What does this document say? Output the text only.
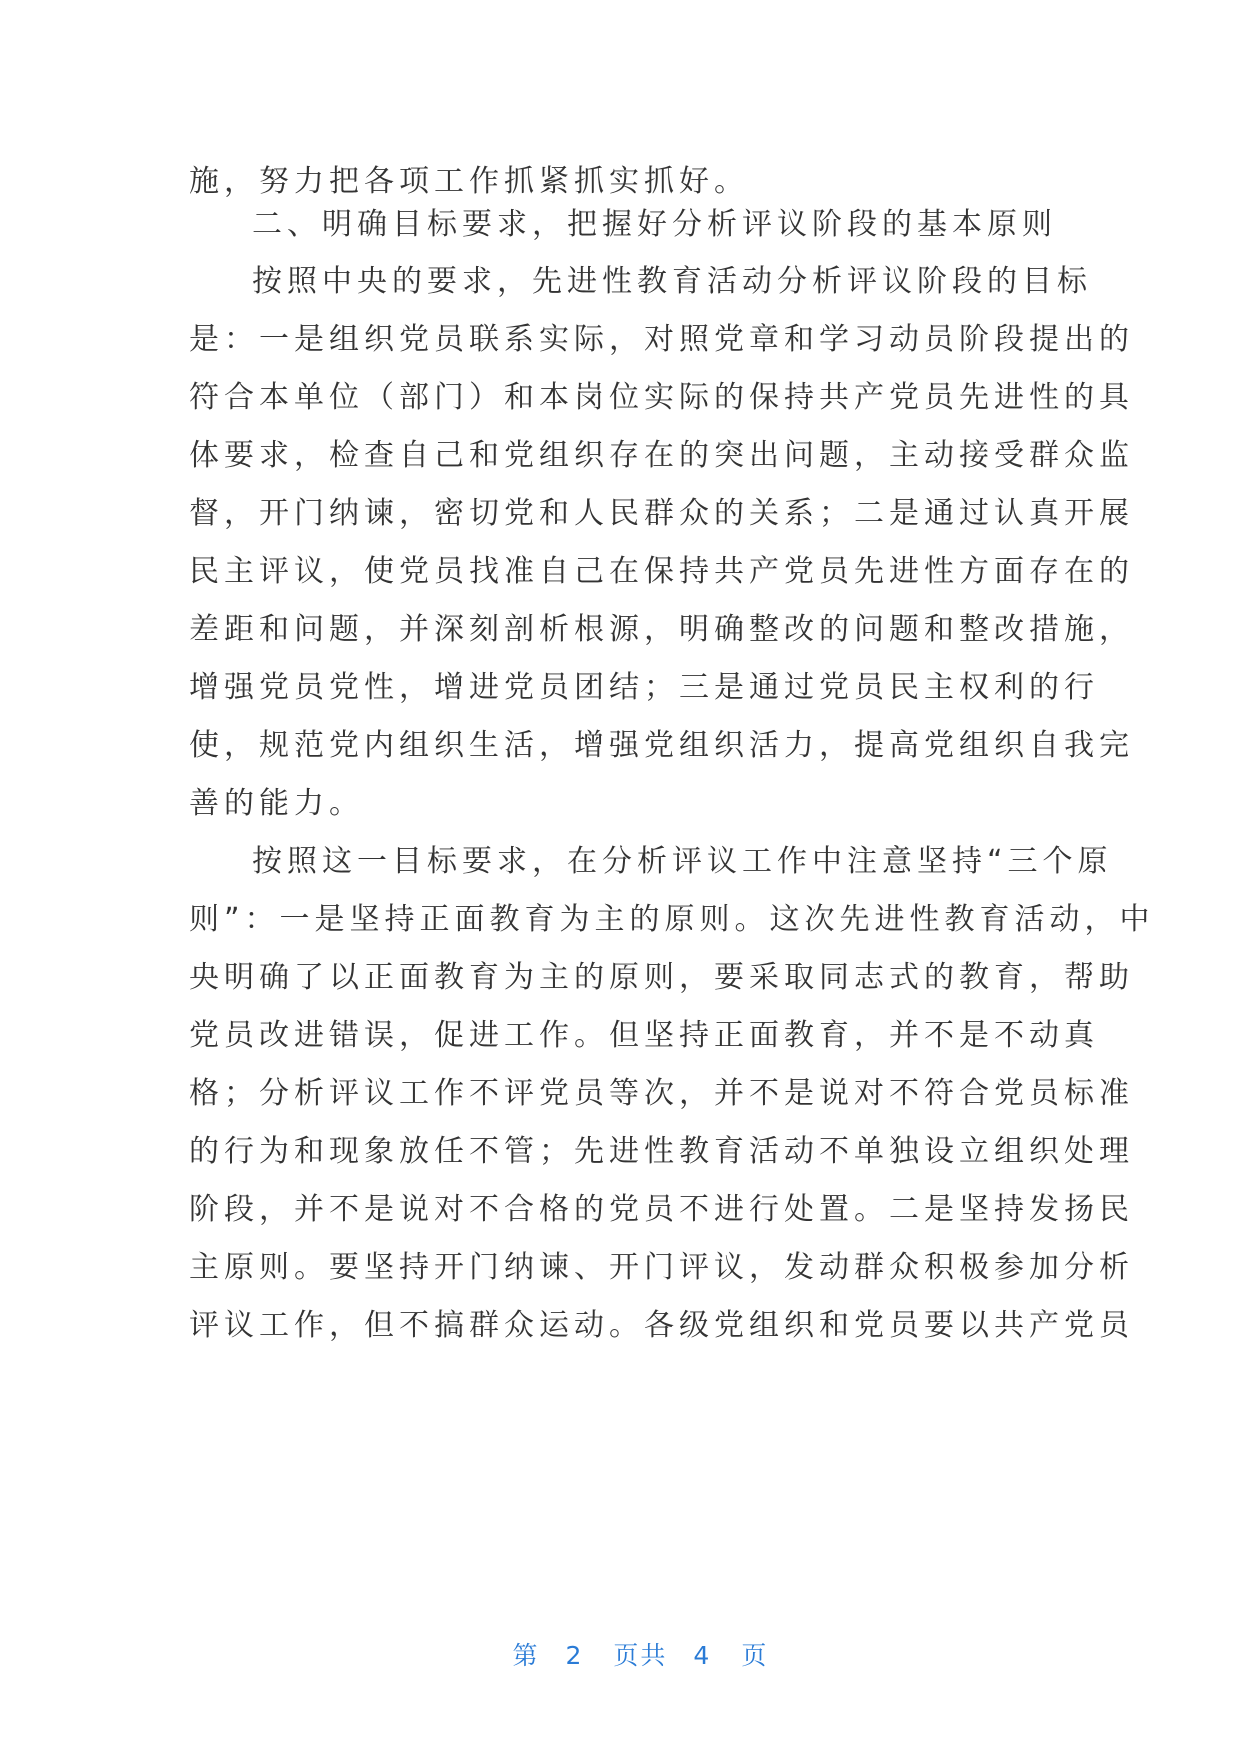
施，努力把各项工作抓紧抓实抓好。
二、明确目标要求，把握好分析评议阶段的基本原则
按照中央的要求，先进性教育活动分析评议阶段的目标
是：一是组织党员联系实际，对照党章和学习动员阶段提出的
符合本单位（部门）和本岗位实际的保持共产党员先进性的具
体要求，检查自己和党组织存在的突出问题，主动接受群众监
督，开门纳谏，密切党和人民群众的关系；二是通过认真开展
民主评议，使党员找准自己在保持共产党员先进性方面存在的
差距和问题，并深刻剖析根源，明确整改的问题和整改措施，
增强党员党性，增进党员团结；三是通过党员民主权利的行
使，规范党内组织生活，增强党组织活力，提高党组织自我完
善的能力。
按照这一目标要求，在分析评议工作中注意坚持“三个原
则”：一是坚持正面教育为主的原则。这次先进性教育活动，中
央明确了以正面教育为主的原则，要采取同志式的教育，帮助
党员改进错误，促进工作。但坚持正面教育，并不是不动真
格；分析评议工作不评党员等次，并不是说对不符合党员标准
的行为和现象放任不管；先进性教育活动不单独设立组织处理
阶段，并不是说对不合格的党员不进行处置。二是坚持发扬民
主原则。要坚持开门纳谏、开门评议，发动群众积极参加分析
评议工作，但不搞群众运动。各级党组织和党员要以共产党员

第 2 页共 4 页
